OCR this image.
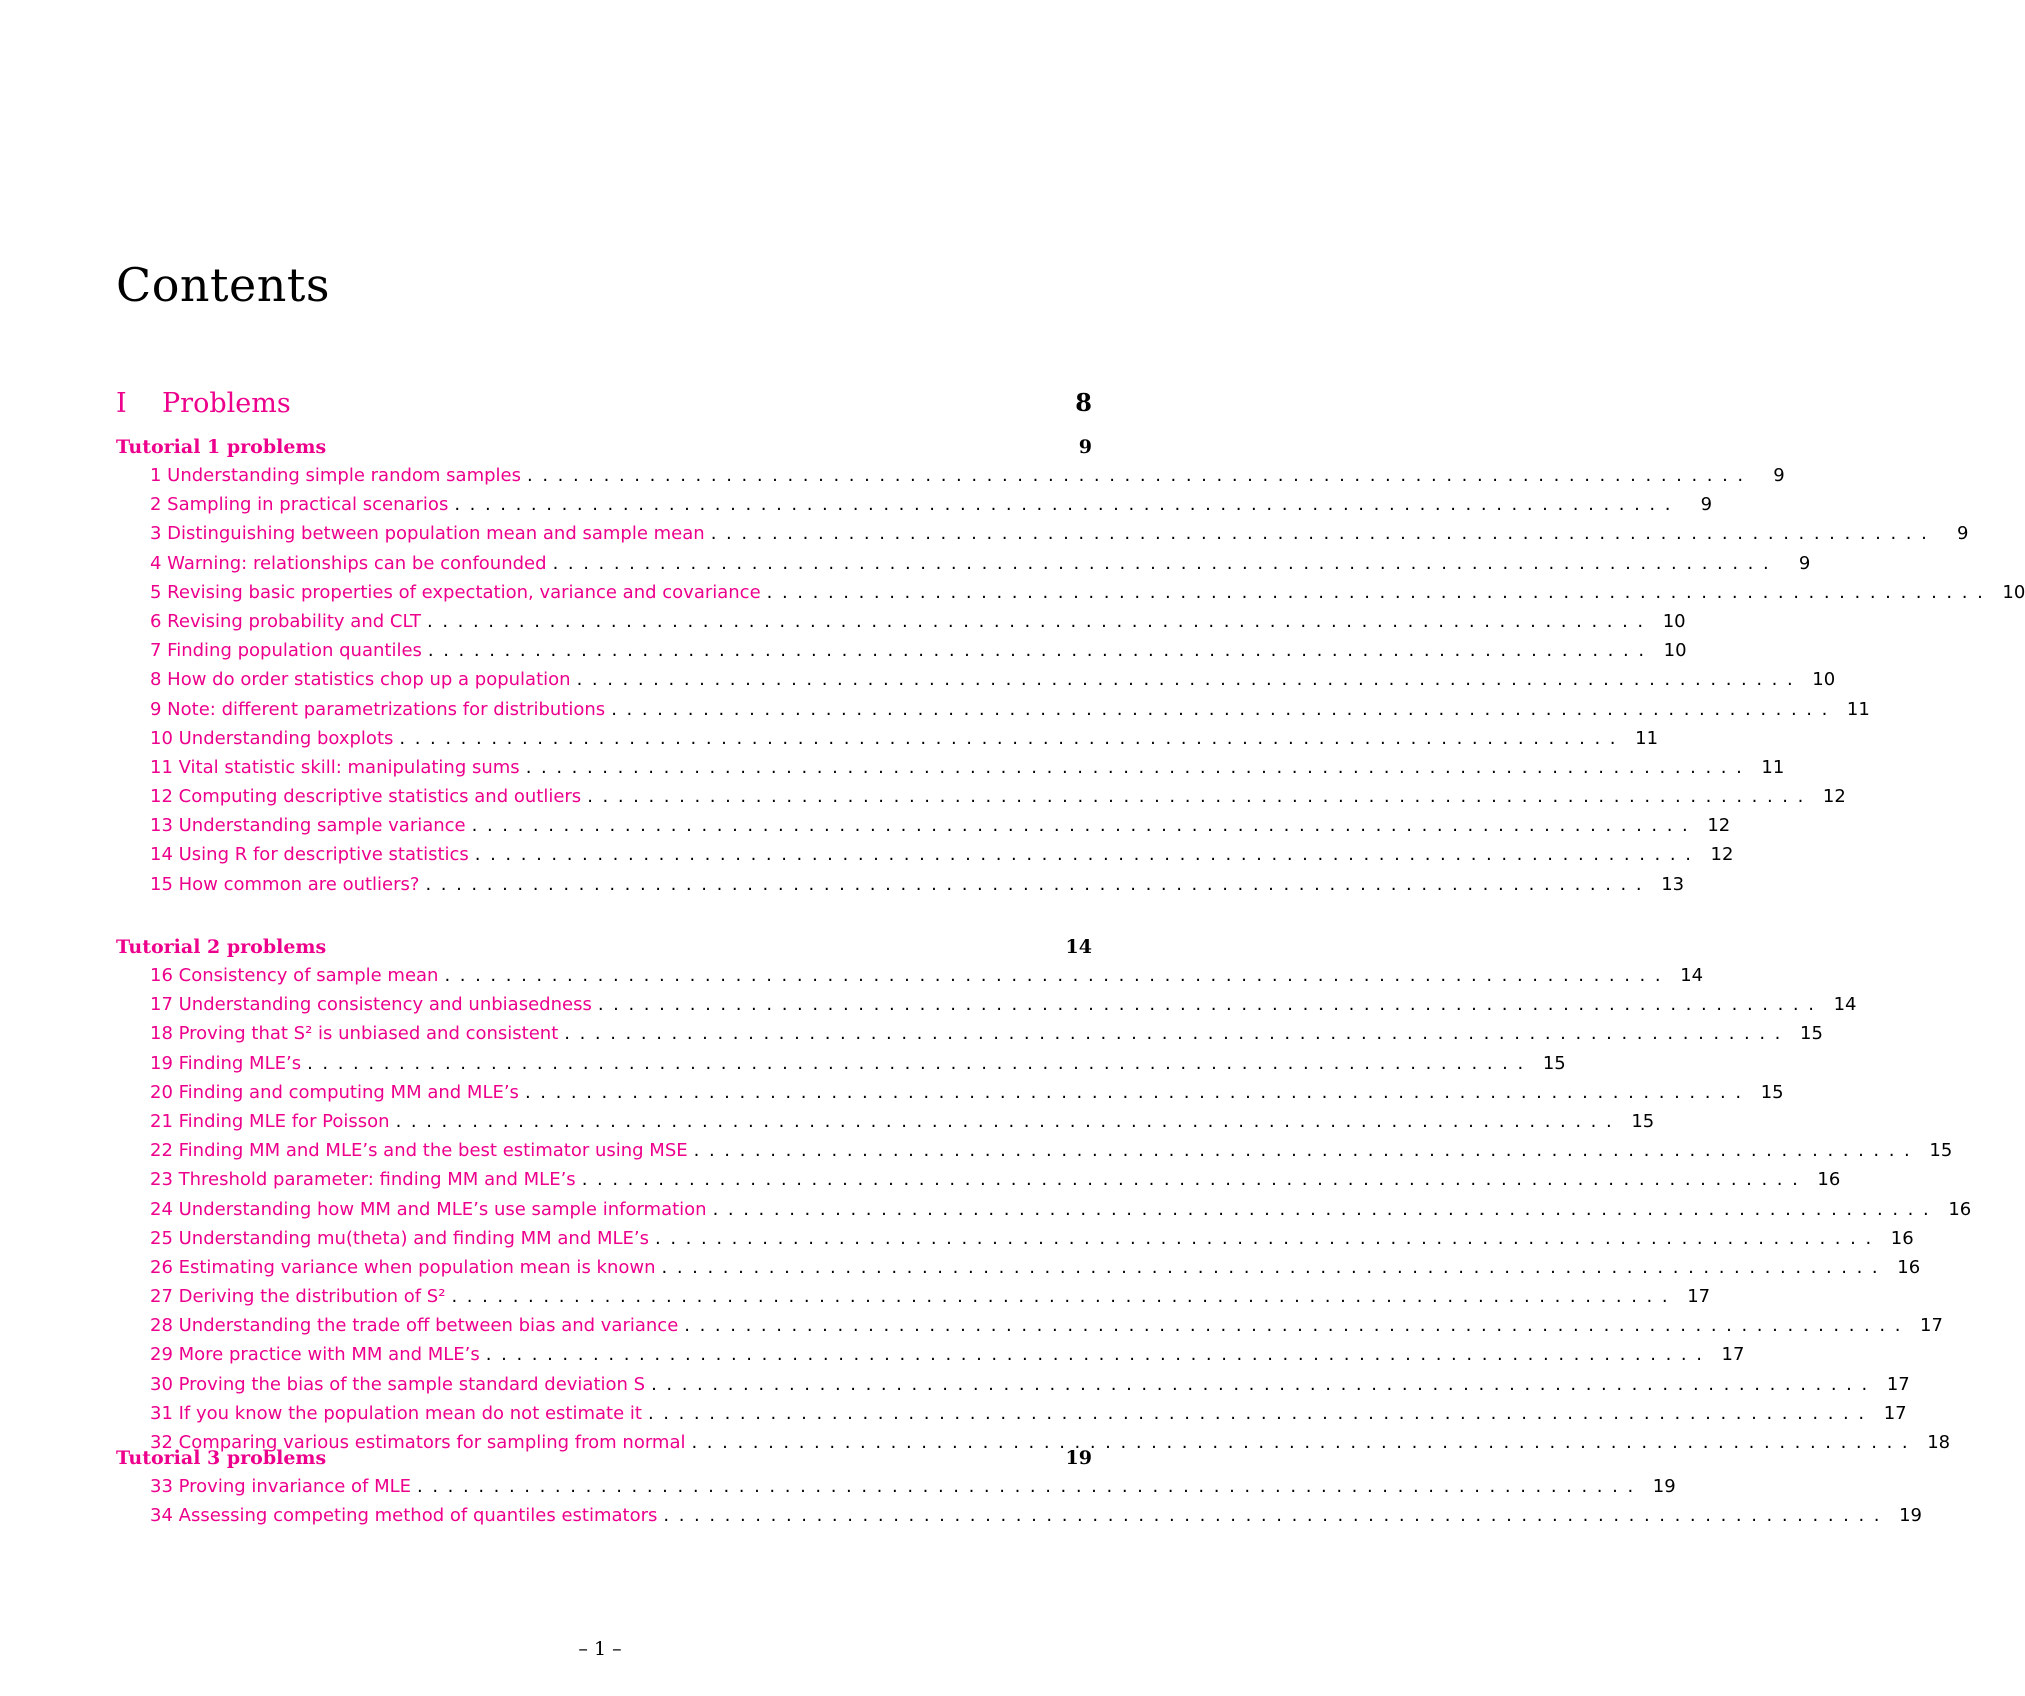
Contents
I Problems	8
Tutorial 1 problems	9
1 Understanding simple random samples ................................................................................	9
2 Sampling in practical scenarios ................................................................................	9
3 Distinguishing between population mean and sample mean ................................................................................	9
4 Warning: relationships can be confounded ................................................................................	9
5 Revising basic properties of expectation, variance and covariance ................................................................................ 10
6 Revising probability and CLT ................................................................................ 10
7 Finding population quantiles ................................................................................ 10
8 How do order statistics chop up a population ................................................................................ 10
9 Note: different parametrizations for distributions ................................................................................ 11
10 Understanding boxplots ................................................................................ 11
11 Vital statistic skill: manipulating sums ................................................................................ 11
12 Computing descriptive statistics and outliers ................................................................................ 12
13 Understanding sample variance ................................................................................ 12
14 Using R for descriptive statistics ................................................................................ 12
15 How common are outliers? ................................................................................ 13
Tutorial 2 problems	14
16 Consistency of sample mean ................................................................................ 14
17 Understanding consistency and unbiasedness ................................................................................ 14
18 Proving that S² is unbiased and consistent ................................................................................ 15
19 Finding MLE’s ................................................................................ 15
20 Finding and computing MM and MLE’s ................................................................................ 15
21 Finding MLE for Poisson ................................................................................ 15
22 Finding MM and MLE’s and the best estimator using MSE ................................................................................ 15
23 Threshold parameter: finding MM and MLE’s ................................................................................ 16
24 Understanding how MM and MLE’s use sample information ................................................................................ 16
25 Understanding mu(theta) and finding MM and MLE’s ................................................................................ 16
26 Estimating variance when population mean is known ................................................................................ 16
27 Deriving the distribution of S² ................................................................................ 17
28 Understanding the trade off between bias and variance ................................................................................ 17
29 More practice with MM and MLE’s ................................................................................ 17
30 Proving the bias of the sample standard deviation S ................................................................................ 17
31 If you know the population mean do not estimate it ................................................................................ 17
32 Comparing various estimators for sampling from normal ................................................................................ 18
Tutorial 3 problems	19
33 Proving invariance of MLE ................................................................................ 19
34 Assessing competing method of quantiles estimators ................................................................................ 19
– 1 –
